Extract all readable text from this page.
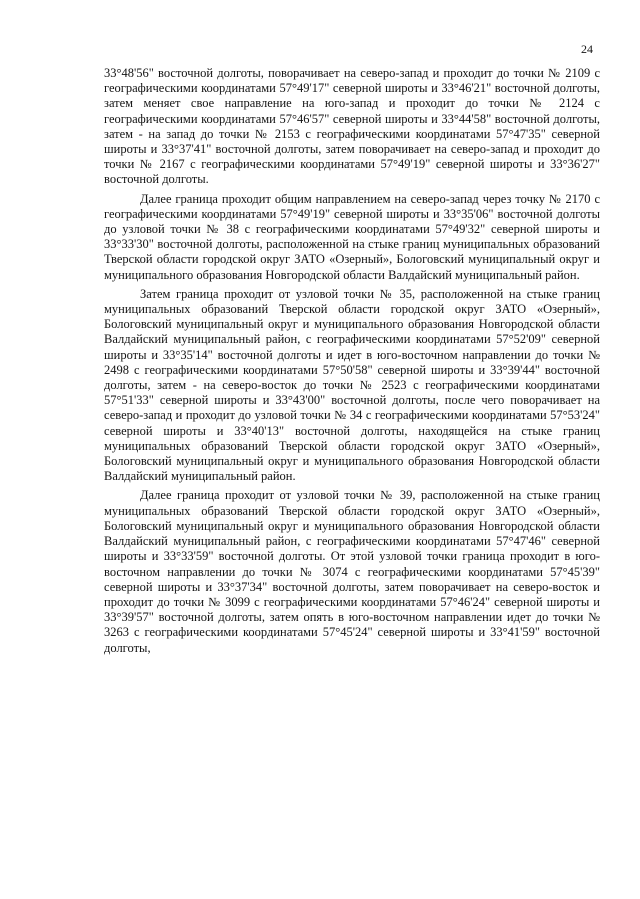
24

33°48'56" восточной долготы, поворачивает на северо-запад и проходит до точки № 2109 с географическими координатами 57°49'17" северной широты и 33°46'21" восточной долготы, затем меняет свое направление на юго-запад и проходит до точки № 2124 с географическими координатами 57°46'57" северной широты и 33°44'58" восточной долготы, затем - на запад до точки № 2153 с географическими координатами 57°47'35" северной широты и 33°37'41" восточной долготы, затем поворачивает на северо-запад и проходит до точки № 2167 с географическими координатами 57°49'19" северной широты и 33°36'27" восточной долготы.

Далее граница проходит общим направлением на северо-запад через точку № 2170 с географическими координатами 57°49'19" северной широты и 33°35'06" восточной долготы до узловой точки № 38 с географическими координатами 57°49'32" северной широты и 33°33'30" восточной долготы, расположенной на стыке границ муниципальных образований Тверской области городской округ ЗАТО «Озерный», Бологовский муниципальный округ и муниципального образования Новгородской области Валдайский муниципальный район.

Затем граница проходит от узловой точки № 35, расположенной на стыке границ муниципальных образований Тверской области городской округ ЗАТО «Озерный», Бологовский муниципальный округ и муниципального образования Новгородской области Валдайский муниципальный район, с географическими координатами 57°52'09" северной широты и 33°35'14" восточной долготы и идет в юго-восточном направлении до точки № 2498 с географическими координатами 57°50'58" северной широты и 33°39'44" восточной долготы, затем - на северо-восток до точки № 2523 с географическими координатами 57°51'33" северной широты и 33°43'00" восточной долготы, после чего поворачивает на северо-запад и проходит до узловой точки № 34 с географическими координатами 57°53'24" северной широты и 33°40'13" восточной долготы, находящейся на стыке границ муниципальных образований Тверской области городской округ ЗАТО «Озерный», Бологовский муниципальный округ и муниципального образования Новгородской области Валдайский муниципальный район.

Далее граница проходит от узловой точки № 39, расположенной на стыке границ муниципальных образований Тверской области городской округ ЗАТО «Озерный», Бологовский муниципальный округ и муниципального образования Новгородской области Валдайский муниципальный район, с географическими координатами 57°47'46" северной широты и 33°33'59" восточной долготы. От этой узловой точки граница проходит в юго-восточном направлении до точки № 3074 с географическими координатами 57°45'39" северной широты и 33°37'34" восточной долготы, затем поворачивает на северо-восток и проходит до точки № 3099 с географическими координатами 57°46'24" северной широты и 33°39'57" восточной долготы, затем опять в юго-восточном направлении идет до точки № 3263 с географическими координатами 57°45'24" северной широты и 33°41'59" восточной долготы,
